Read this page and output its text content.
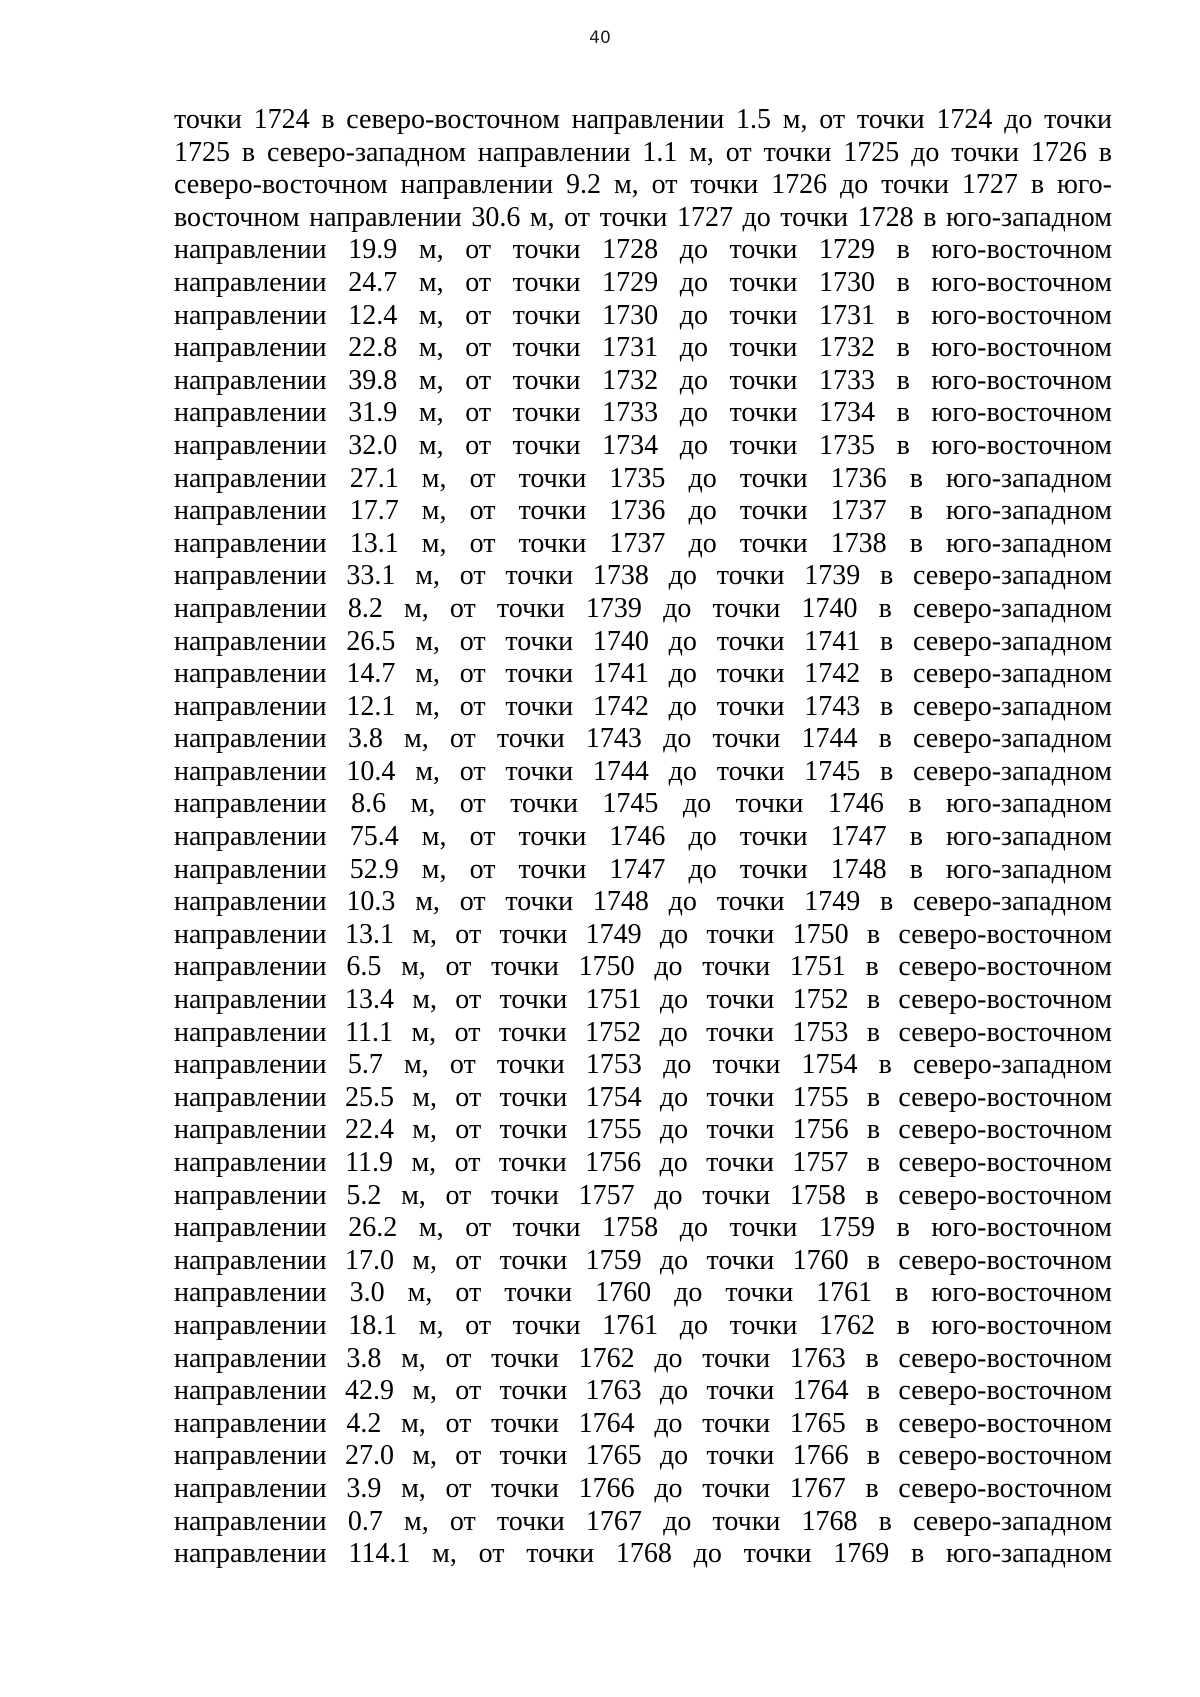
40
точки 1724 в северо-восточном направлении 1.5 м, от точки 1724 до точки
1725 в северо-западном направлении 1.1 м, от точки 1725 до точки 1726 в
северо-восточном направлении 9.2 м, от точки 1726 до точки 1727 в юго-
восточном направлении 30.6 м, от точки 1727 до точки 1728 в юго-западном
направлении 19.9 м, от точки 1728 до точки 1729 в юго-восточном
направлении 24.7 м, от точки 1729 до точки 1730 в юго-восточном
направлении 12.4 м, от точки 1730 до точки 1731 в юго-восточном
направлении 22.8 м, от точки 1731 до точки 1732 в юго-восточном
направлении 39.8 м, от точки 1732 до точки 1733 в юго-восточном
направлении 31.9 м, от точки 1733 до точки 1734 в юго-восточном
направлении 32.0 м, от точки 1734 до точки 1735 в юго-восточном
направлении 27.1 м, от точки 1735 до точки 1736 в юго-западном
направлении 17.7 м, от точки 1736 до точки 1737 в юго-западном
направлении 13.1 м, от точки 1737 до точки 1738 в юго-западном
направлении 33.1 м, от точки 1738 до точки 1739 в северо-западном
направлении 8.2 м, от точки 1739 до точки 1740 в северо-западном
направлении 26.5 м, от точки 1740 до точки 1741 в северо-западном
направлении 14.7 м, от точки 1741 до точки 1742 в северо-западном
направлении 12.1 м, от точки 1742 до точки 1743 в северо-западном
направлении 3.8 м, от точки 1743 до точки 1744 в северо-западном
направлении 10.4 м, от точки 1744 до точки 1745 в северо-западном
направлении 8.6 м, от точки 1745 до точки 1746 в юго-западном
направлении 75.4 м, от точки 1746 до точки 1747 в юго-западном
направлении 52.9 м, от точки 1747 до точки 1748 в юго-западном
направлении 10.3 м, от точки 1748 до точки 1749 в северо-западном
направлении 13.1 м, от точки 1749 до точки 1750 в северо-восточном
направлении 6.5 м, от точки 1750 до точки 1751 в северо-восточном
направлении 13.4 м, от точки 1751 до точки 1752 в северо-восточном
направлении 11.1 м, от точки 1752 до точки 1753 в северо-восточном
направлении 5.7 м, от точки 1753 до точки 1754 в северо-западном
направлении 25.5 м, от точки 1754 до точки 1755 в северо-восточном
направлении 22.4 м, от точки 1755 до точки 1756 в северо-восточном
направлении 11.9 м, от точки 1756 до точки 1757 в северо-восточном
направлении 5.2 м, от точки 1757 до точки 1758 в северо-восточном
направлении 26.2 м, от точки 1758 до точки 1759 в юго-восточном
направлении 17.0 м, от точки 1759 до точки 1760 в северо-восточном
направлении 3.0 м, от точки 1760 до точки 1761 в юго-восточном
направлении 18.1 м, от точки 1761 до точки 1762 в юго-восточном
направлении 3.8 м, от точки 1762 до точки 1763 в северо-восточном
направлении 42.9 м, от точки 1763 до точки 1764 в северо-восточном
направлении 4.2 м, от точки 1764 до точки 1765 в северо-восточном
направлении 27.0 м, от точки 1765 до точки 1766 в северо-восточном
направлении 3.9 м, от точки 1766 до точки 1767 в северо-восточном
направлении 0.7 м, от точки 1767 до точки 1768 в северо-западном
направлении 114.1 м, от точки 1768 до точки 1769 в юго-западном
